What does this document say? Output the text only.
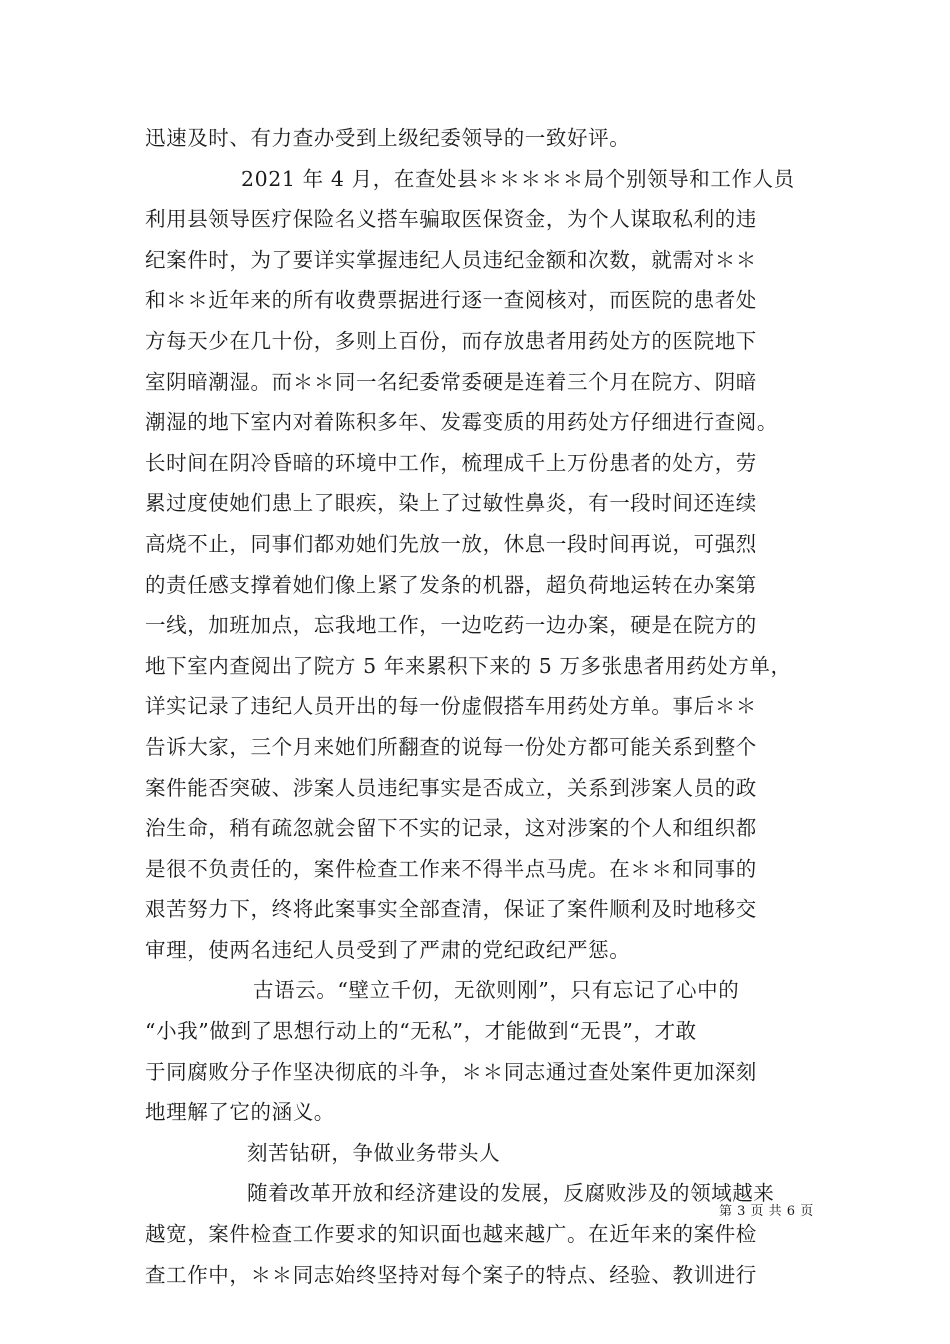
迅速及时、有力查办受到上级纪委领导的一致好评。
2021 年 4 月，在查处县＊＊＊＊＊局个别领导和工作人员
利用县领导医疗保险名义搭车骗取医保资金，为个人谋取私利的违
纪案件时，为了要详实掌握违纪人员违纪金额和次数，就需对＊＊
和＊＊近年来的所有收费票据进行逐一查阅核对，而医院的患者处
方每天少在几十份，多则上百份，而存放患者用药处方的医院地下
室阴暗潮湿。而＊＊同一名纪委常委硬是连着三个月在院方、阴暗
潮湿的地下室内对着陈积多年、发霉变质的用药处方仔细进行查阅。
长时间在阴冷昏暗的环境中工作，梳理成千上万份患者的处方，劳
累过度使她们患上了眼疾，染上了过敏性鼻炎，有一段时间还连续
高烧不止，同事们都劝她们先放一放，休息一段时间再说，可强烈
的责任感支撑着她们像上紧了发条的机器，超负荷地运转在办案第
一线，加班加点，忘我地工作，一边吃药一边办案，硬是在院方的
地下室内查阅出了院方 5 年来累积下来的 5 万多张患者用药处方单，
详实记录了违纪人员开出的每一份虚假搭车用药处方单。事后＊＊
告诉大家，三个月来她们所翻查的说每一份处方都可能关系到整个
案件能否突破、涉案人员违纪事实是否成立，关系到涉案人员的政
治生命，稍有疏忽就会留下不实的记录，这对涉案的个人和组织都
是很不负责任的，案件检查工作来不得半点马虎。在＊＊和同事的
艰苦努力下，终将此案事实全部查清，保证了案件顺利及时地移交
审理，使两名违纪人员受到了严肃的党纪政纪严惩。
古语云。“壁立千仞，无欲则刚”，只有忘记了心中的
“小我”做到了思想行动上的“无私”，才能做到“无畏”，才敢
于同腐败分子作坚决彻底的斗争，＊＊同志通过查处案件更加深刻
地理解了它的涵义。
刻苦钻研，争做业务带头人
随着改革开放和经济建设的发展，反腐败涉及的领域越来
越宽，案件检查工作要求的知识面也越来越广。在近年来的案件检
查工作中，＊＊同志始终坚持对每个案子的特点、经验、教训进行
第 3 页 共 6 页
